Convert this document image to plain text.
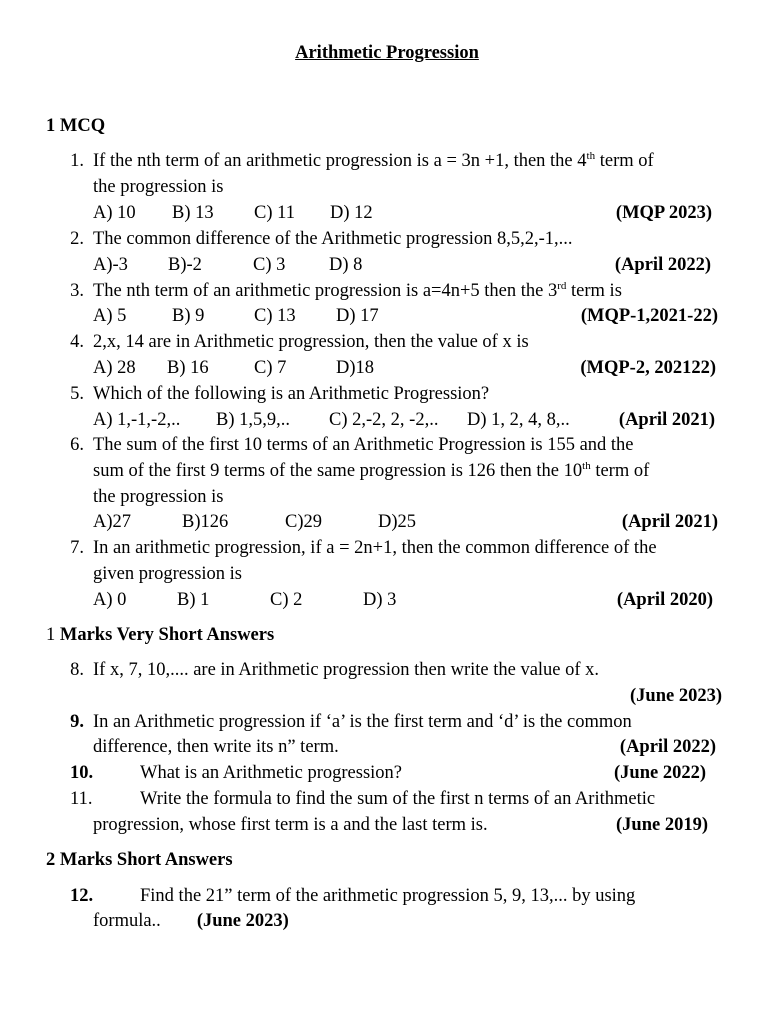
Arithmetic Progression
1 MCQ
1. If the nth term of an arithmetic progression is a = 3n +1, then the 4th term of
the progression is
A) 10 B) 13 C) 11 D) 12	(MQP 2023)
2. The common difference of the Arithmetic progression 8,5,2,-1,...
A)-3 B)-2	C) 3 D) 8	(April 2022)
3. The nth term of an arithmetic progression is a=4n+5 then the 3rd term is
A) 5 B) 9	C) 13 D) 17	(MQP-1,2021-22)
4. 2,x, 14 are in Arithmetic progression, then the value of x is
A) 28 B) 16 C) 7	D)18	(MQP-2, 202122)
5. Which of the following is an Arithmetic Progression?
A) 1,-1,-2,.. B) 1,5,9,.. C) 2,-2, 2, -2,.. D) 1, 2, 4, 8,..	(April 2021)
6. The sum of the first 10 terms of an Arithmetic Progression is 155 and the
sum of the first 9 terms of the same progression is 126 then the 10th term of
the progression is
A)27	B)126	C)29	D)25	(April 2021)
7. In an arithmetic progression, if a = 2n+1, then the common difference of the
given progression is
A) 0	B) 1	C) 2	D) 3	(April 2020)
1 Marks Very Short Answers
8. If x, 7, 10,.... are in Arithmetic progression then write the value of x.
(June 2023)
9. In an Arithmetic progression if ‘a’ is the first term and ‘d’ is the common
difference, then write its n” term.	(April 2022)
10.	What is an Arithmetic progression?	(June 2022)
11.	Write the formula to find the sum of the first n terms of an Arithmetic
progression, whose first term is a and the last term is.	(June 2019)
2 Marks Short Answers
12.	Find the 21” term of the arithmetic progression 5, 9, 13,... by using
formula.. (June 2023)
